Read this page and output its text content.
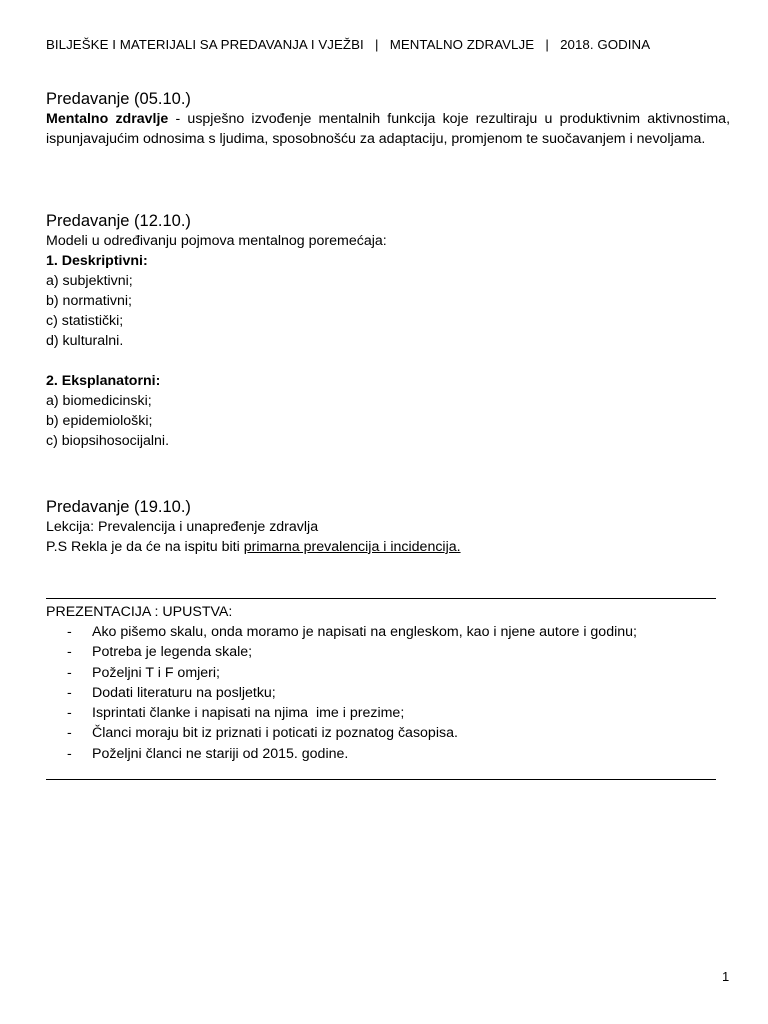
BILJEŠKE I MATERIJALI SA PREDAVANJA I VJEŽBI   |   MENTALNO ZDRAVLJE   |   2018. GODINA

Predavanje (05.10.)

Mentalno zdravlje - uspješno izvođenje mentalnih funkcija koje rezultiraju u produktivnim aktivnostima, ispunjavajućim odnosima s ljudima, sposobnošću za adaptaciju, promjenom te suočavanjem i nevoljama.

Predavanje (12.10.)

Modeli u određivanju pojmova mentalnog poremećaja:

1. Deskriptivni:

a) subjektivni;

b) normativni;

c) statistički;

d) kulturalni.

2. Eksplanatorni:

a) biomedicinski;

b) epidemiološki;

c) biopsihosocijalni.

Predavanje (19.10.)

Lekcija: Prevalencija i unapređenje zdravlja

P.S Rekla je da će na ispitu biti primarna prevalencija i incidencija.

PREZENTACIJA : UPUSTVA:

- Ako pišemo skalu, onda moramo je napisati na engleskom, kao i njene autore i godinu;
- Potreba je legenda skale;
- Poželjni T i F omjeri;
- Dodati literaturu na posljetku;
- Isprintati članke i napisati na njima  ime i prezime;
- Članci moraju bit iz priznati i poticati iz poznatog časopisa.
- Poželjni članci ne stariji od 2015. godine.
1
